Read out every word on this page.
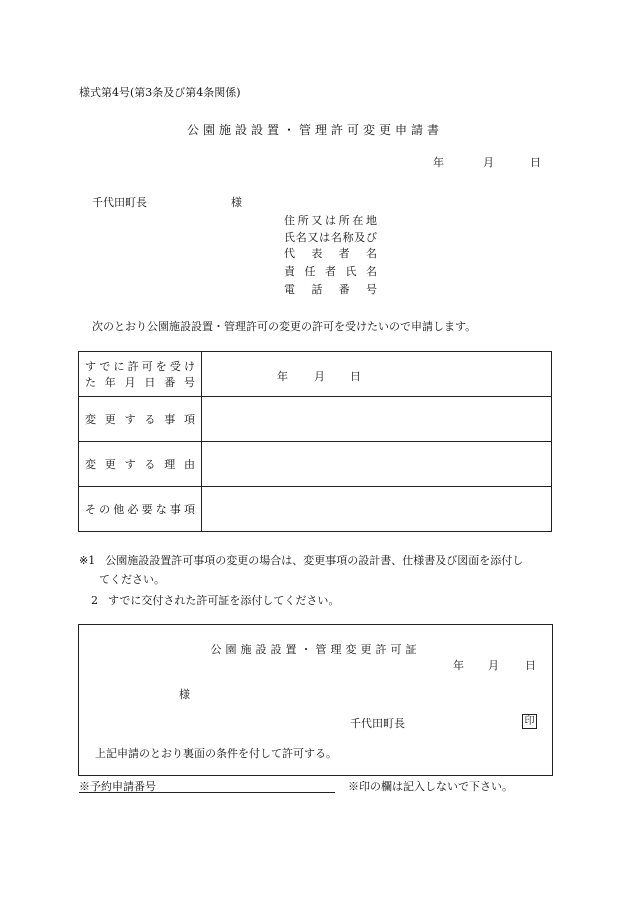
様式第4号(第3条及び第4条関係)
公園施設設置・管理許可変更申請書
年	月	日
千代田町長	様
住所又は所在地
氏名又は名称及び
代表者名
責任者氏名
電話番号
次のとおり公園施設設置・管理許可の変更の許可を受けたいので申請します。
すでに許可を受け
た年月日番号	年 月 日

変更する事項	

変更する理由	

その他必要な事項	

※1 公園施設設置許可事項の変更の場合は、変更事項の設計書、仕様書及び図面を添付し
てください。
2 すでに交付された許可証を添付してください。
公園施設設置・管理変更許可証
年 月 日
様
千代田町長	印
上記申請のとおり裏面の条件を付して許可する。
※予約申請番号	※印の欄は記入しないで下さい。
